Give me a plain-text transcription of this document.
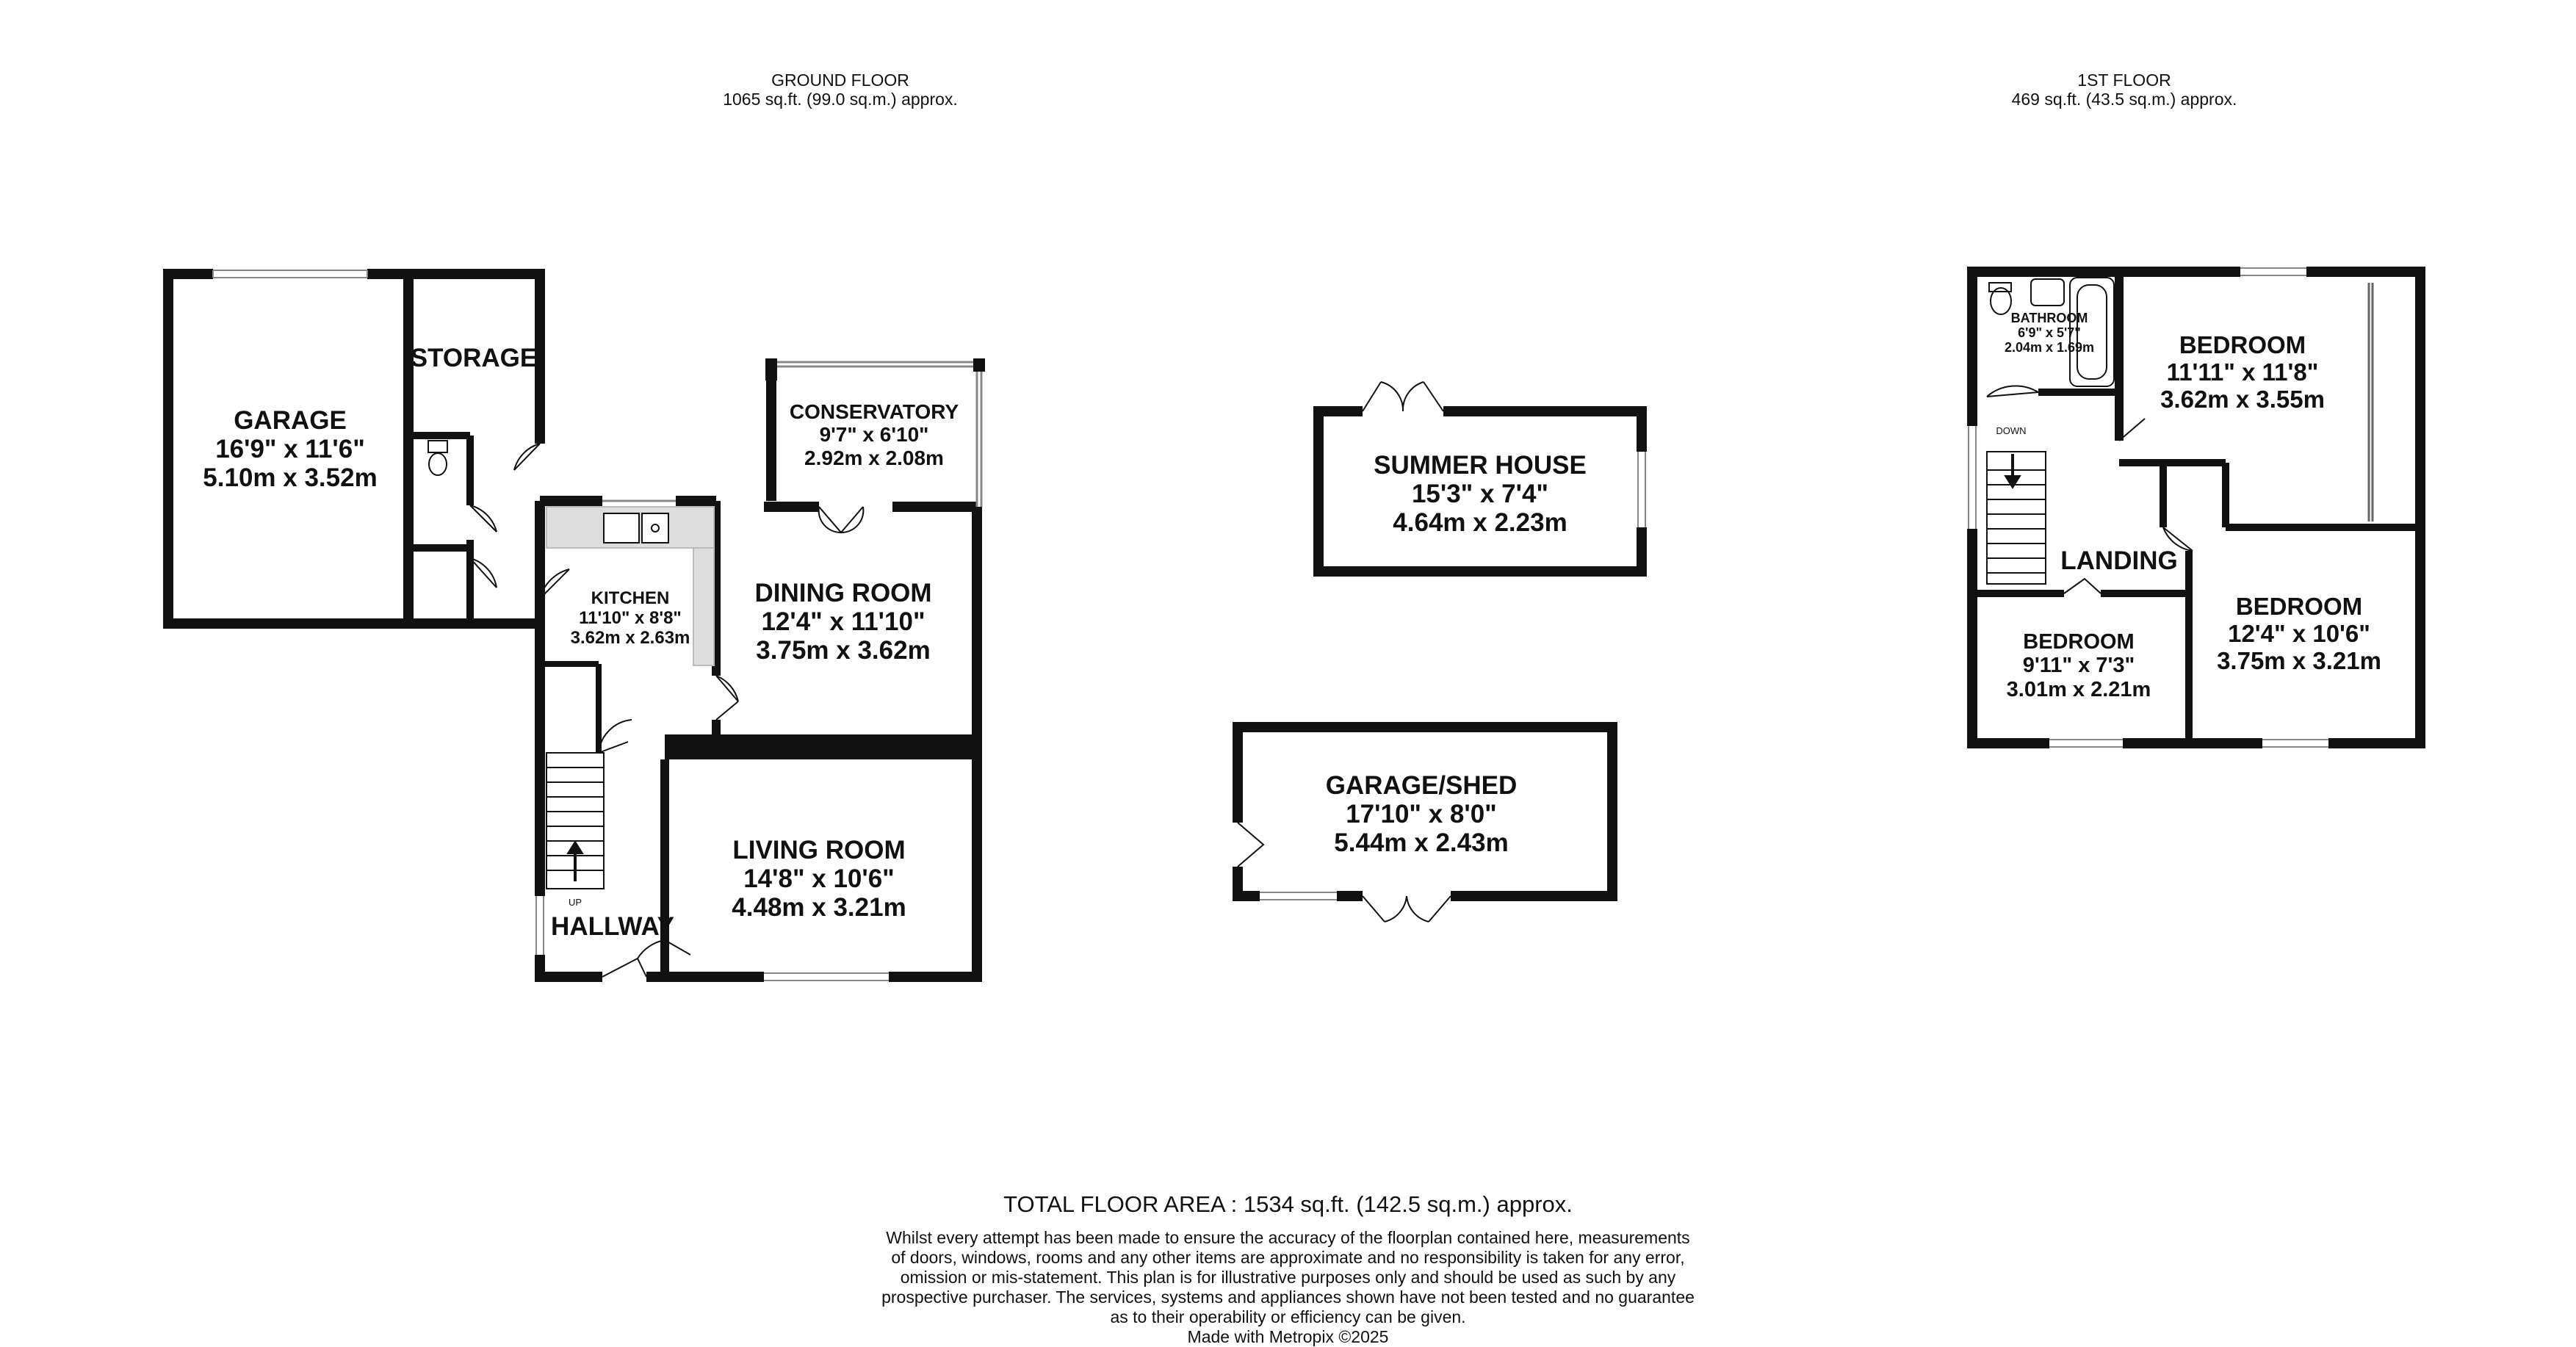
GROUND FLOOR
1065 sq.ft. (99.0 sq.m.) approx.
1ST FLOOR
469 sq.ft. (43.5 sq.m.) approx.
GARAGE
16'9" x 11'6"
5.10m x 3.52m
STORAGE
CONSERVATORY
9'7" x 6'10"
2.92m x 2.08m
KITCHEN
11'10" x 8'8"
3.62m x 2.63m
DINING ROOM
12'4" x 11'10"
3.75m x 3.62m
LIVING ROOM
14'8" x 10'6"
4.48m x 3.21m
HALLWAY
UP
SUMMER HOUSE
15'3" x 7'4"
4.64m x 2.23m
GARAGE/SHED
17'10" x 8'0"
5.44m x 2.43m
BATHROOM
6'9" x 5'7"
2.04m x 1.69m	BEDROOM
11'11" x 11'8"
3.62m x 3.55m
LANDING
DOWN
BEDROOM
12'4" x 10'6"
3.75m x 3.21m
BEDROOM
9'11" x 7'3"
3.01m x 2.21m
TOTAL FLOOR AREA : 1534 sq.ft. (142.5 sq.m.) approx.
Whilst every attempt has been made to ensure the accuracy of the floorplan contained here, measurements
of doors, windows, rooms and any other items are approximate and no responsibility is taken for any error,
omission or mis-statement. This plan is for illustrative purposes only and should be used as such by any
prospective purchaser. The services, systems and appliances shown have not been tested and no guarantee
as to their operability or efficiency can be given.
Made with Metropix ©2025
